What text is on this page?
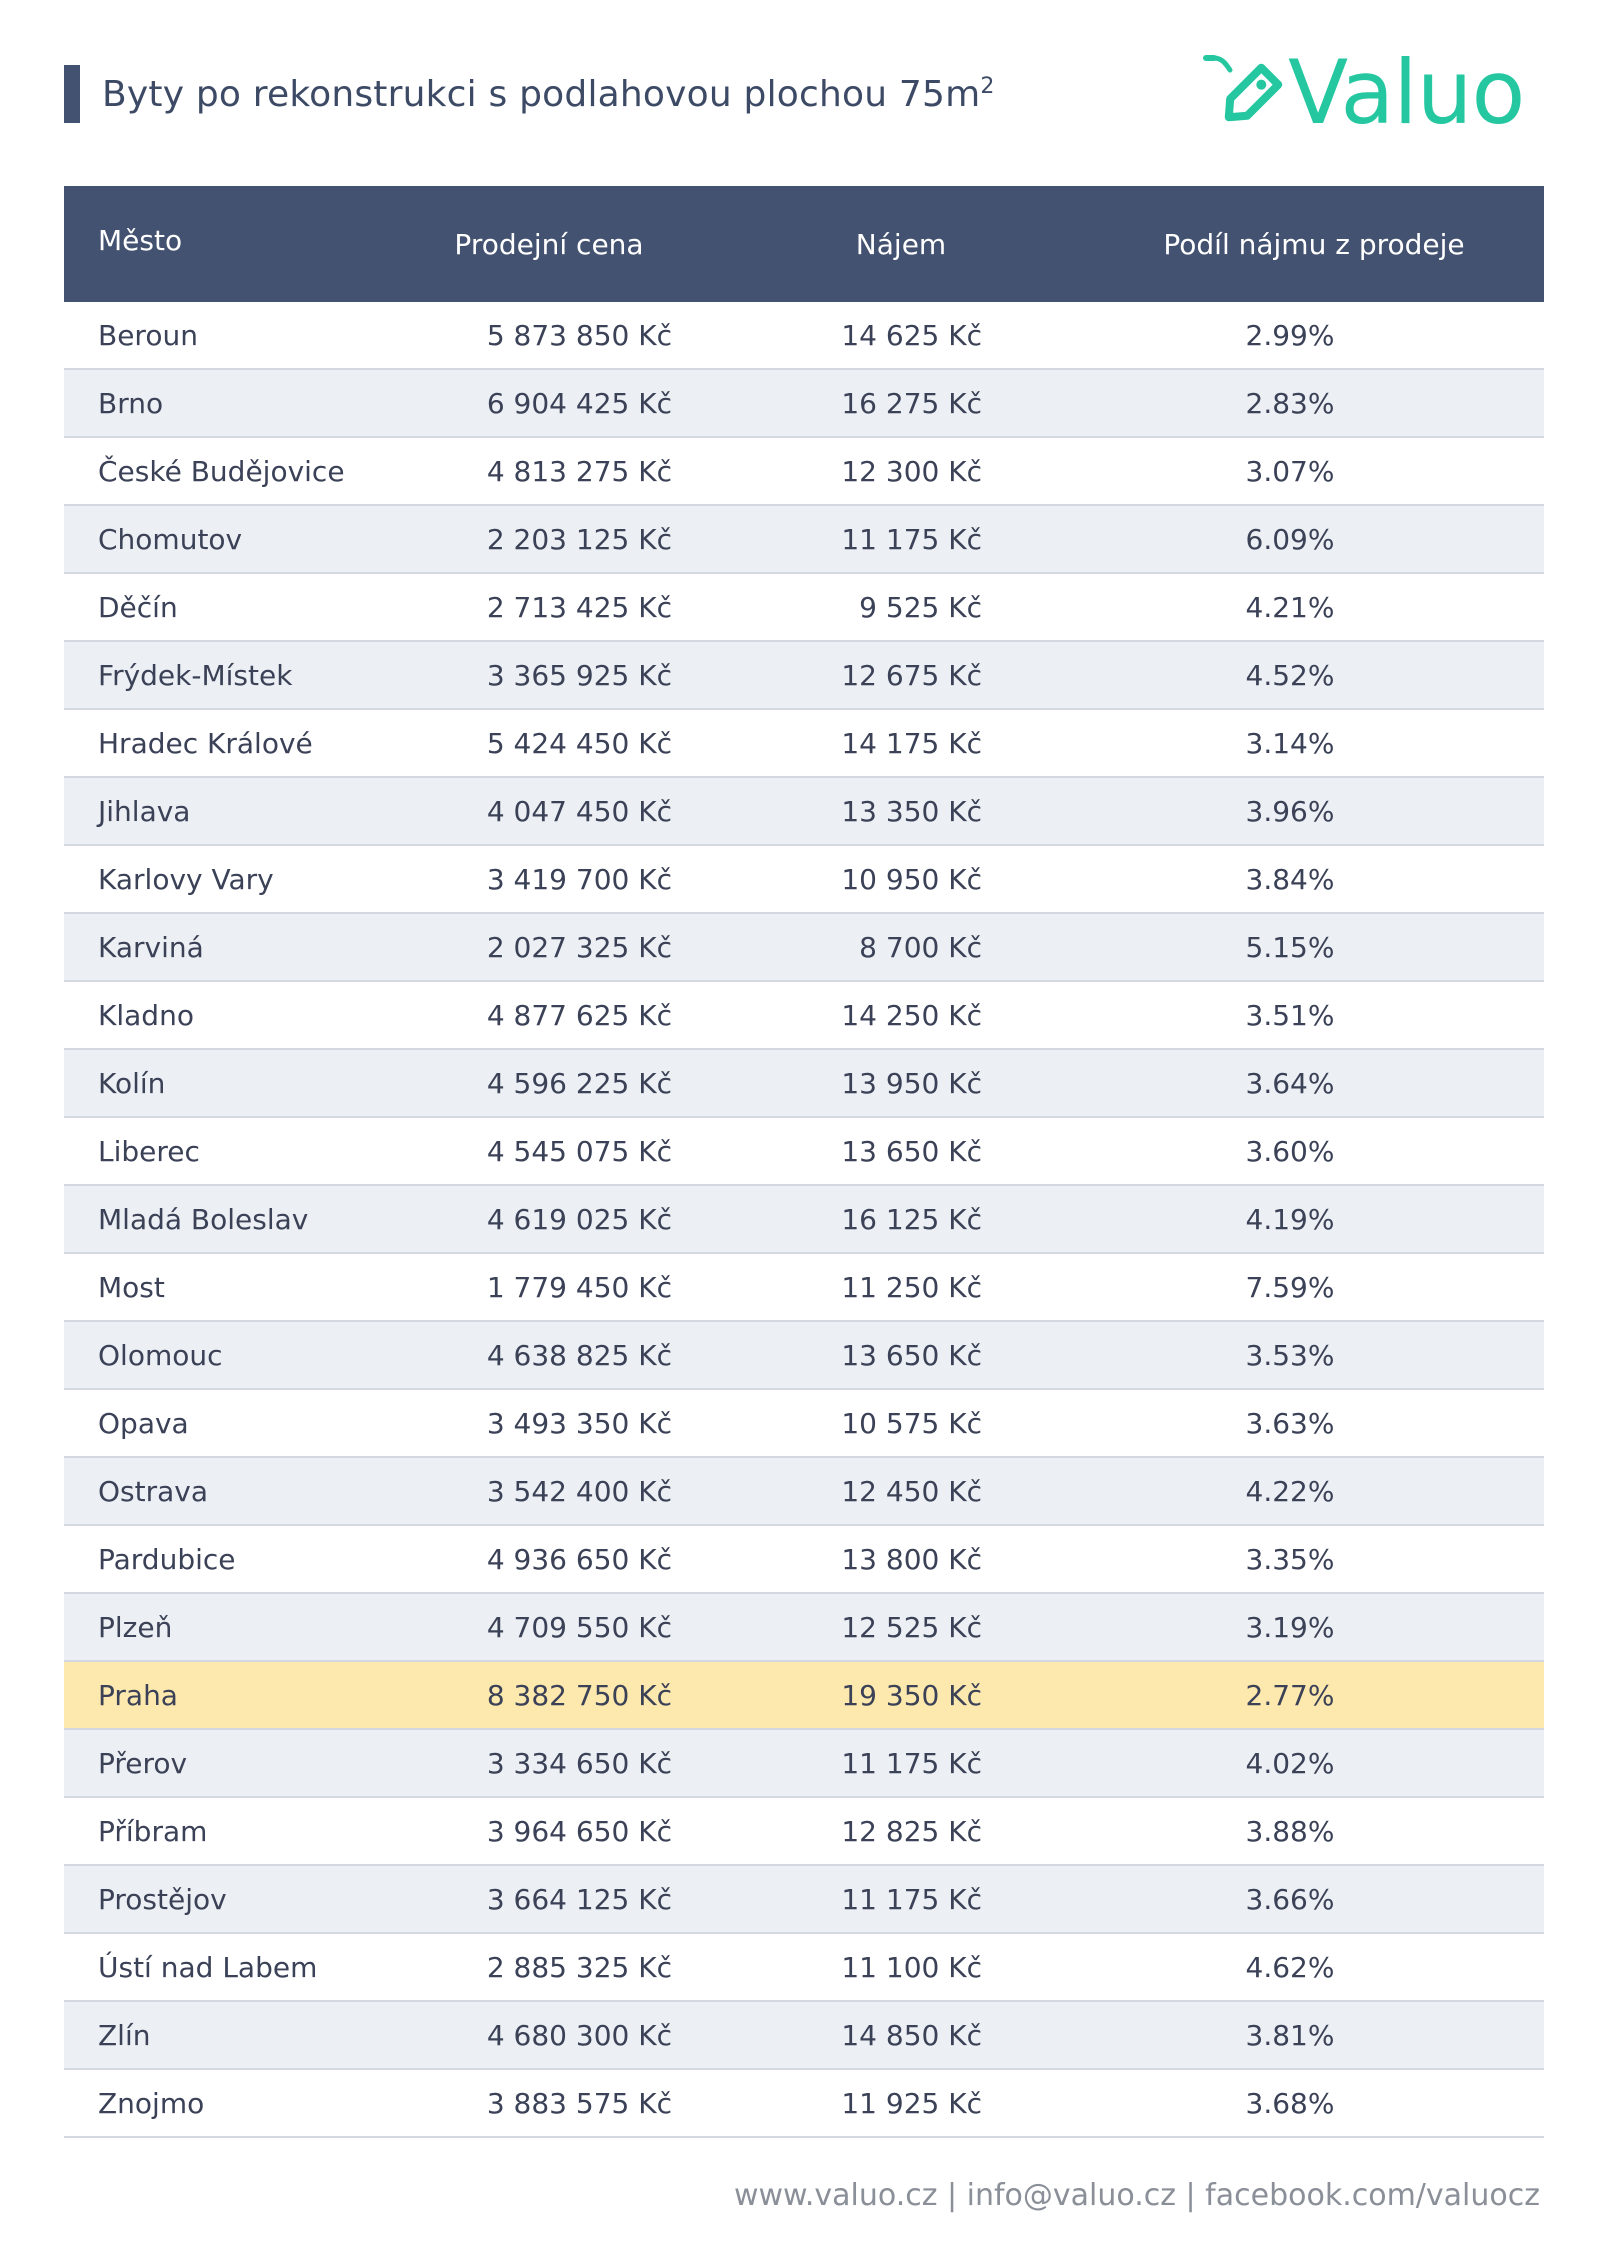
Byty po rekonstrukci s podlahovou plochou $75m^2$	Valuo
Město	Prodejní cena	Nájem	Podíl nájmu z prodeje
Beroun	5 873 850 Kč	14 625 Kč	2.99%
Brno	6 904 425 Kč	16 275 Kč	2.83%
České Budějovice	4 813 275 Kč	12 300 Kč	3.07%
Chomutov	2 203 125 Kč	11 175 Kč	6.09%
Děčín	2 713 425 Kč	9 525 Kč	4.21%
Frýdek-Místek	3 365 925 Kč	12 675 Kč	4.52%
Hradec Králové	5 424 450 Kč	14 175 Kč	3.14%
Jihlava	4 047 450 Kč	13 350 Kč	3.96%
Karlovy Vary	3 419 700 Kč	10 950 Kč	3.84%
Karviná	2 027 325 Kč	8 700 Kč	5.15%
Kladno	4 877 625 Kč	14 250 Kč	3.51%
Kolín	4 596 225 Kč	13 950 Kč	3.64%
Liberec	4 545 075 Kč	13 650 Kč	3.60%
Mladá Boleslav	4 619 025 Kč	16 125 Kč	4.19%
Most	1 779 450 Kč	11 250 Kč	7.59%
Olomouc	4 638 825 Kč	13 650 Kč	3.53%
Opava	3 493 350 Kč	10 575 Kč	3.63%
Ostrava	3 542 400 Kč	12 450 Kč	4.22%
Pardubice	4 936 650 Kč	13 800 Kč	3.35%
Plzeň	4 709 550 Kč	12 525 Kč	3.19%
Praha	8 382 750 Kč	19 350 Kč	2.77%
Přerov	3 334 650 Kč	11 175 Kč	4.02%
Příbram	3 964 650 Kč	12 825 Kč	3.88%
Prostějov	3 664 125 Kč	11 175 Kč	3.66%
Ústí nad Labem	2 885 325 Kč	11 100 Kč	4.62%
Zlín	4 680 300 Kč	14 850 Kč	3.81%
Znojmo	3 883 575 Kč	11 925 Kč	3.68%
www.valuo.cz | info@valuo.cz | facebook.com/valuocz
